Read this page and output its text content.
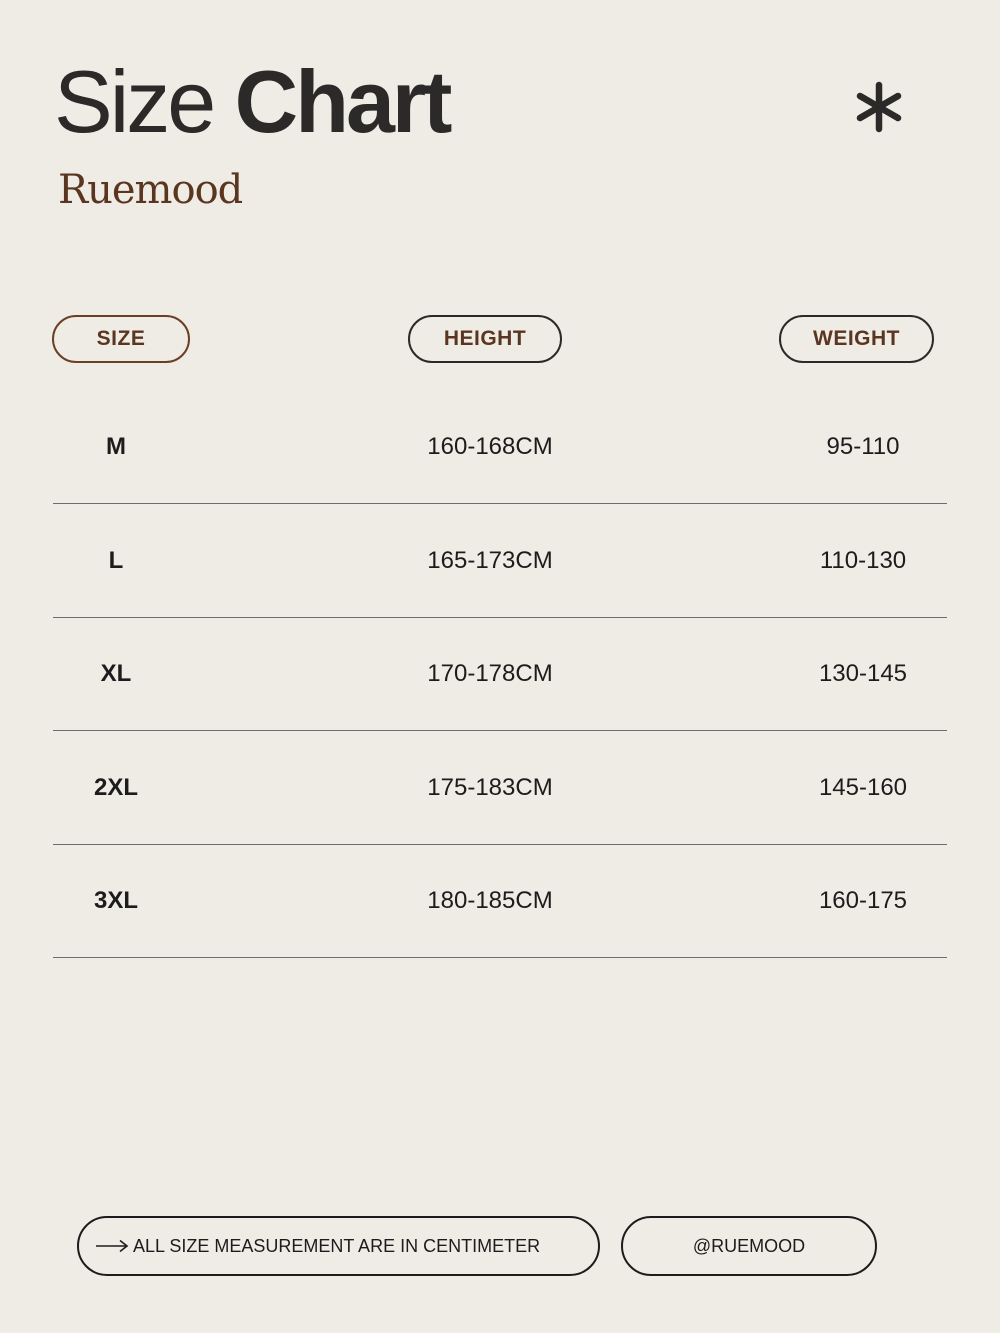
Size Chart
Ruemood
SIZE	HEIGHT	WEIGHT
M	160-168CM	95-110
L	165-173CM	110-130
XL	170-178CM	130-145
2XL	175-183CM	145-160
3XL	180-185CM	160-175
ALL SIZE MEASUREMENT ARE IN CENTIMETER	@RUEMOOD
